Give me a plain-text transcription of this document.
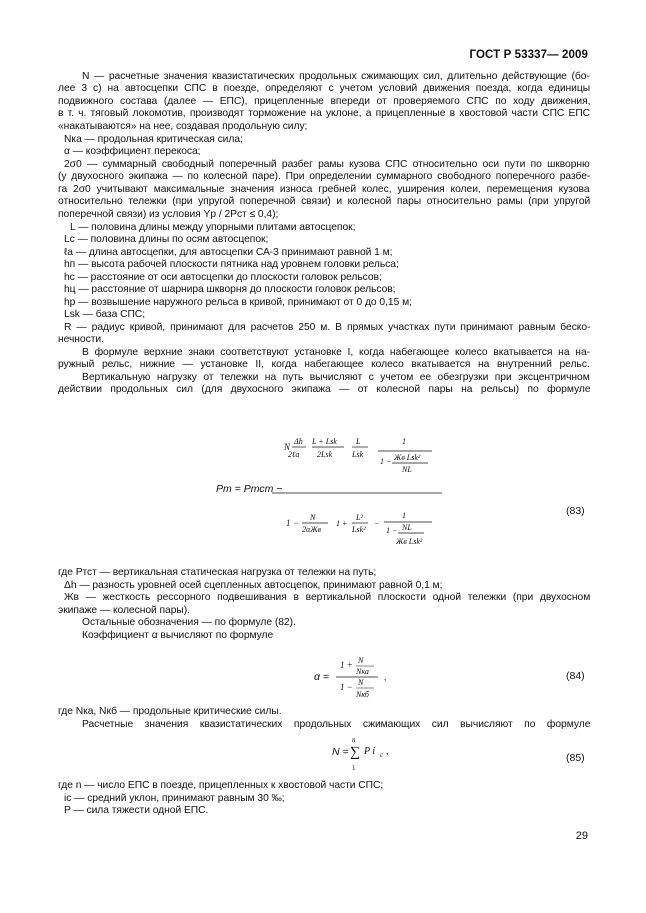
ГОСТ Р 53337— 2009
N — расчетные значения квазистатических продольных сжимающих сил, длительно действующие (бо-
лее 3 с) на автосцепки СПС в поезде, определяют с учетом условий движения поезда, когда единицы
подвижного состава (далее — ЕПС), прицепленные впереди от проверяемого СПС по ходу движения,
в т. ч. тяговый локомотив, производят торможение на уклоне, а прицепленные в хвостовой части СПС ЕПС
«накатываются» на нее, создавая продольную силу;
Nка — продольная критическая сила;
α — коэффициент перекоса;
2σ0 — суммарный свободный поперечный разбег рамы кузова СПС относительно оси пути по шкворню
(у двухосного экипажа — по колесной паре). При определении суммарного свободного поперечного разбе-
га 2σ0 учитывают максимальные значения износа гребней колес, уширения колеи, перемещения кузова
относительно тележки (при упругой поперечной связи) и колесной пары относительно рамы (при упругой
поперечной связи) из условия Yр / 2Pст ≤ 0,4);
L — половина длины между упорными плитами автосцепок;
Lс — половина длины по осям автосцепок;
ℓа — длина автосцепки, для автосцепки СА-3 принимают равной 1 м;
hп — высота рабочей плоскости пятника над уровнем головки рельса;
hс — расстояние от оси автосцепки до плоскости головок рельсов;
hц — расстояние от шарнира шкворня до плоскости головок рельсов;
hр — возвышение наружного рельса в кривой, принимают от 0 до 0,15 м;
Lsk — база СПС;
R — радиус кривой, принимают для расчетов 250 м. В прямых участках пути принимают равным беско-
нечности.
В формуле верхние знаки соответствуют установке I, когда набегающее колесо вкатывается на на-
ружный рельс, нижние — установке II, когда набегающее колесо вкатывается на внутренний рельс.
Вертикальную нагрузку от тележки на путь вычисляют с учетом ее обезгрузки при эксцентричном
действии продольных сил (для двухосного экипажа — от колесной пары на рельсы) по формуле
где Pтст — вертикальная статическая нагрузка от тележки на путь;
Δh — разность уровней осей сцепленных автосцепок, принимают равной 0,1 м;
Жв — жесткость рессорного подвешивания в вертикальной плоскости одной тележки (при двухосном
экипаже — колесной пары).
Остальные обозначения — по формуле (82).
Коэффициент α вычисляют по формуле
где Nка, Nкб — продольные критические силы.
Расчетные значения квазистатических продольных сжимающих сил вычисляют по формуле
где n — число ЕПС в поезде, прицепленных к хвостовой части СПС;
iс — средний уклон, принимают равным 30 ‰;
P — сила тяжести одной ЕПС.
Pт = Pтст −
N
Δh
2ℓa
L + Lsk
2Lsk
L
Lsk
1
1 − Жв Lsk²
NL
1 −
N
2αЖв
1 +
L²
Lsk²
−
1
1 − NL
Жв Lsk²
(83)
α =
1 + N
Nка
1 − N
Nкб
,	(84)
N =
n
∑
1
P i с ,
(85)
29
